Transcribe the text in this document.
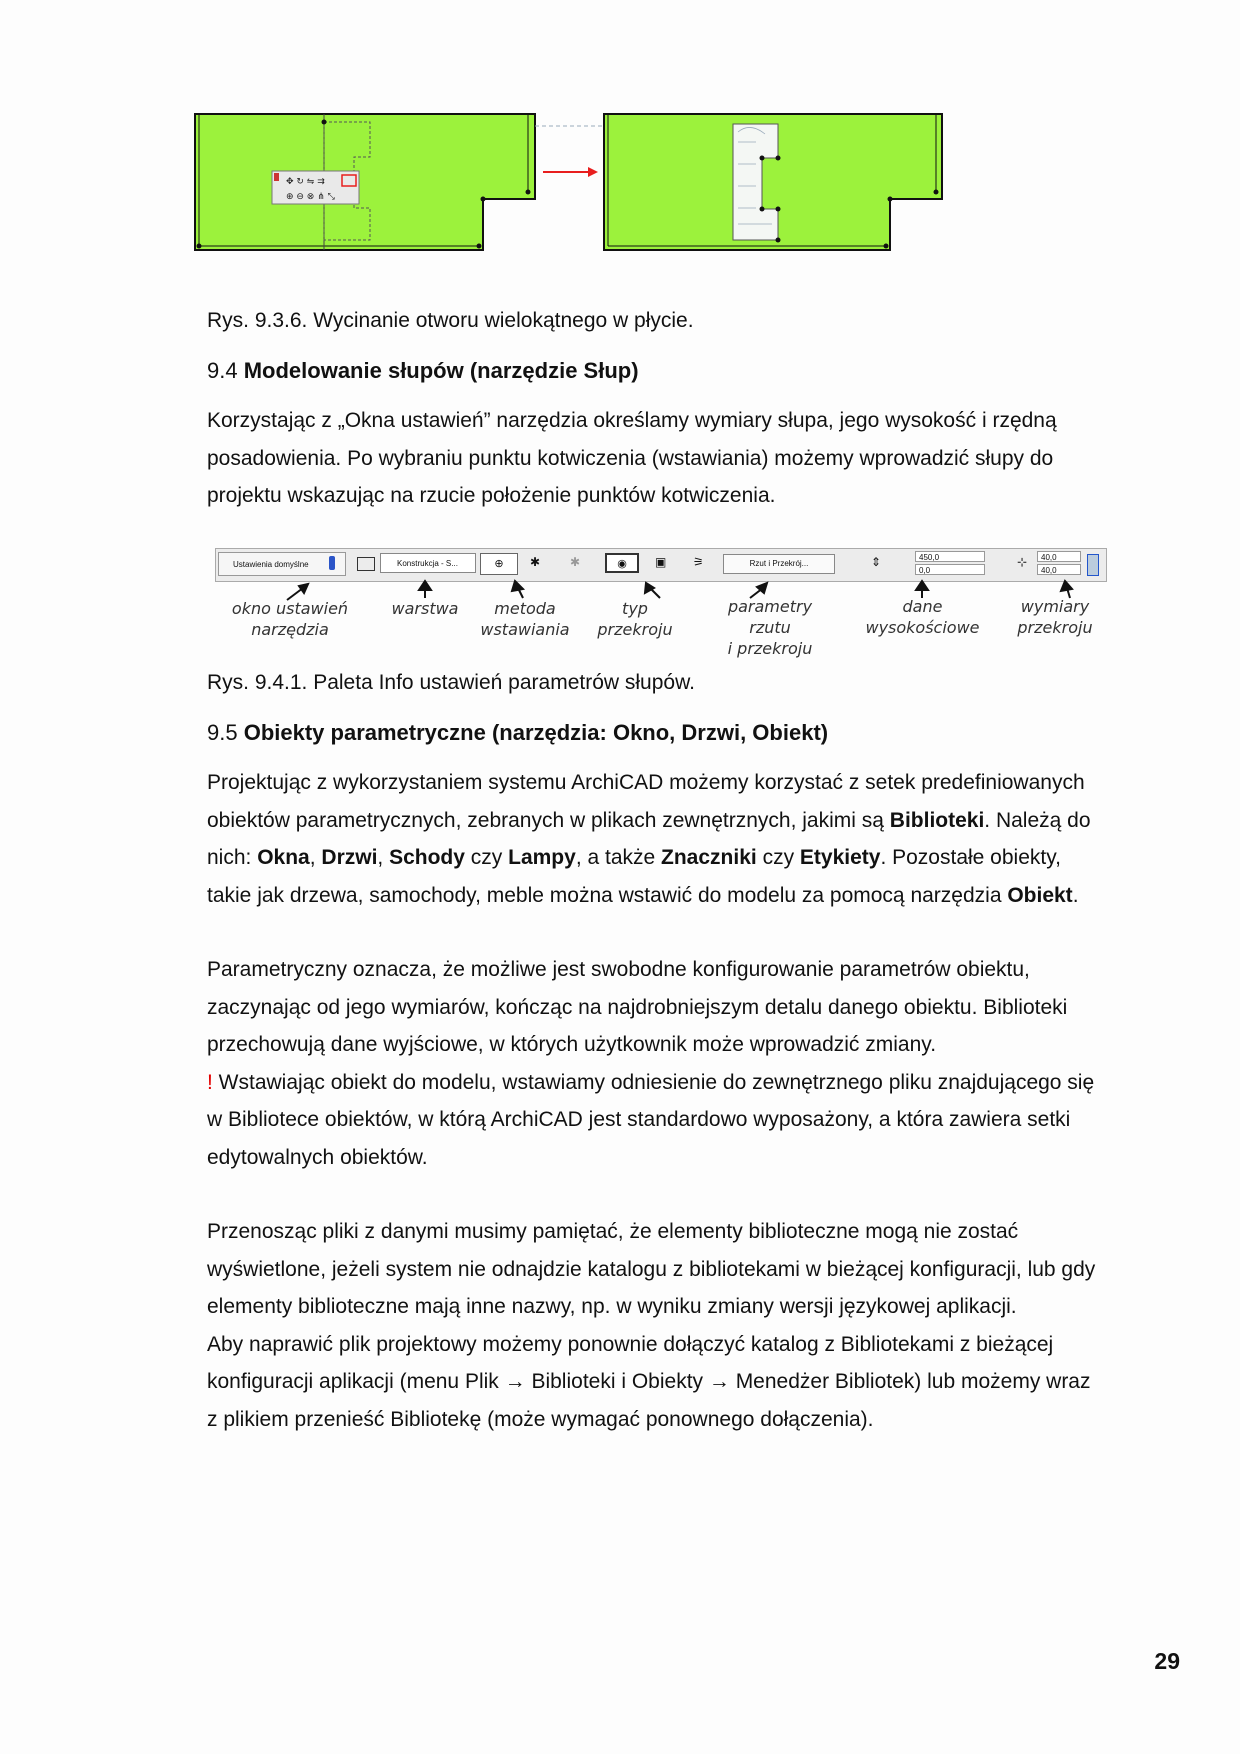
✥ ↻ ⇋ ⇉
⊕ ⊖ ⊗ ⋔ ⤡

Rys. 9.3.6. Wycinanie otworu wielokątnego w płycie.

9.4 Modelowanie słupów (narzędzie Słup)

Korzystając z „Okna ustawień” narzędzia określamy wymiary słupa, jego wysokość i rzędną

posadowienia. Po wybraniu punktu kotwiczenia (wstawiania) możemy wprowadzić słupy do

projektu wskazując na rzucie położenie punktów kotwiczenia.

Ustawienia domyślne	Konstrukcja - S...	⊕	✱ ✱	◉	▣ ⚞	Rzut i Przekrój...	⇕	450,0
0,0
⊹	40,0
40,0
okno ustawień
narzędzia
warstwa	metoda
wstawiania
typ
przekroju
parametry rzutu
i przekroju
dane
wysokościowe
wymiary
przekroju

Rys. 9.4.1. Paleta Info ustawień parametrów słupów.

9.5 Obiekty parametryczne (narzędzia: Okno, Drzwi, Obiekt)

Projektując z wykorzystaniem systemu ArchiCAD możemy korzystać z setek predefiniowanych

obiektów parametrycznych, zebranych w plikach zewnętrznych, jakimi są Biblioteki. Należą do

nich: Okna, Drzwi, Schody czy Lampy, a także Znaczniki czy Etykiety. Pozostałe obiekty,

takie jak drzewa, samochody, meble można wstawić do modelu za pomocą narzędzia Obiekt.

Parametryczny oznacza, że możliwe jest swobodne konfigurowanie parametrów obiektu,

zaczynając od jego wymiarów, kończąc na najdrobniejszym detalu danego obiektu. Biblioteki

przechowują dane wyjściowe, w których użytkownik może wprowadzić zmiany.

! Wstawiając obiekt do modelu, wstawiamy odniesienie do zewnętrznego pliku znajdującego się

w Bibliotece obiektów, w którą ArchiCAD jest standardowo wyposażony, a która zawiera setki

edytowalnych obiektów.

Przenosząc pliki z danymi musimy pamiętać, że elementy biblioteczne mogą nie zostać

wyświetlone, jeżeli system nie odnajdzie katalogu z bibliotekami w bieżącej konfiguracji, lub gdy

elementy biblioteczne mają inne nazwy, np. w wyniku zmiany wersji językowej aplikacji.

Aby naprawić plik projektowy możemy ponownie dołączyć katalog z Bibliotekami z bieżącej

konfiguracji aplikacji (menu Plik → Biblioteki i Obiekty → Menedżer Bibliotek) lub możemy wraz

z plikiem przenieść Bibliotekę (może wymagać ponownego dołączenia).

29
